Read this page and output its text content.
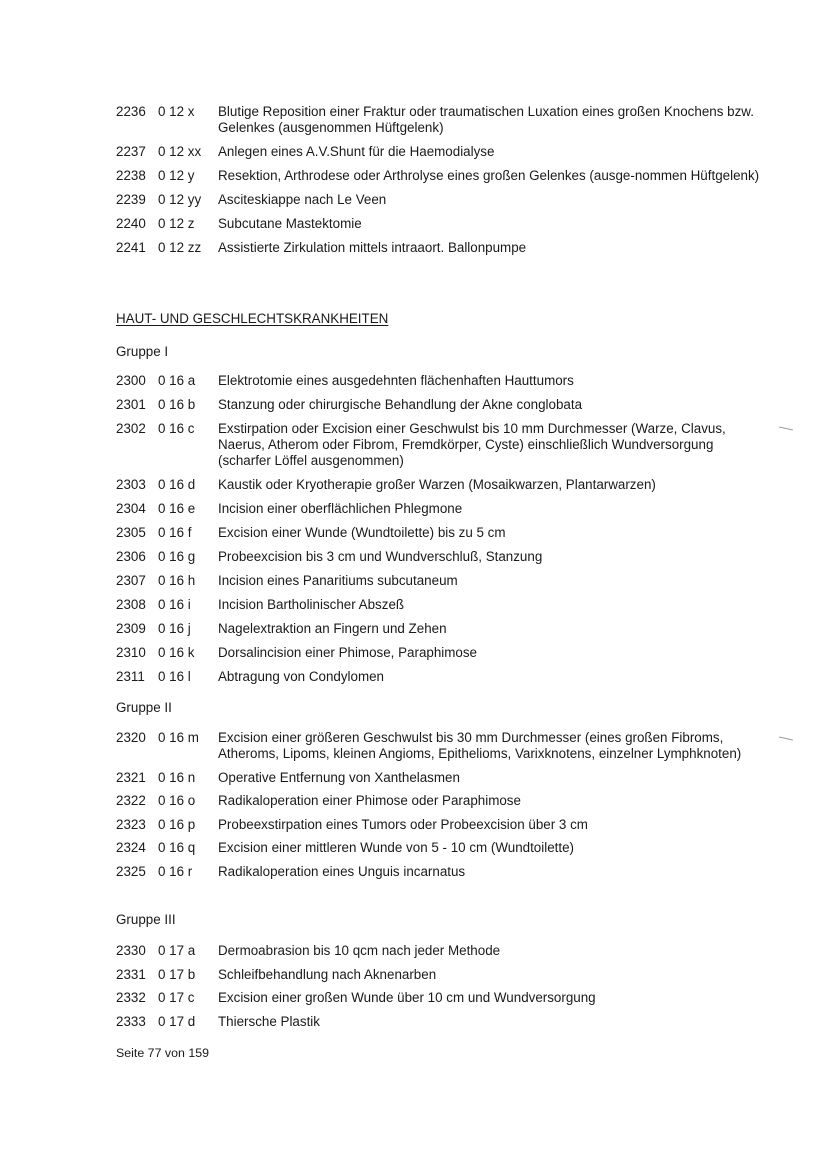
2236 0 12 x	Blutige Reposition einer Fraktur oder traumatischen Luxation eines großen Knochens bzw. Gelenkes (ausgenommen Hüftgelenk)
2237 0 12 xx	Anlegen eines A.V.Shunt für die Haemodialyse
2238 0 12 y	Resektion, Arthrodese oder Arthrolyse eines großen Gelenkes (ausge-nommen Hüftgelenk)
2239 0 12 yy	Asciteskiappe nach Le Veen
2240 0 12 z	Subcutane Mastektomie
2241 0 12 zz	Assistierte Zirkulation mittels intraaort. Ballonpumpe
HAUT- UND GESCHLECHTSKRANKHEITEN
Gruppe I
2300 0 16 a	Elektrotomie eines ausgedehnten flächenhaften Hauttumors
2301 0 16 b	Stanzung oder chirurgische Behandlung der Akne conglobata
2302 0 16 c	Exstirpation oder Excision einer Geschwulst bis 10 mm Durchmesser (Warze, Clavus, Naerus, Atherom oder Fibrom, Fremdkörper, Cyste) einschließlich Wundversorgung (scharfer Löffel ausgenommen)
2303 0 16 d	Kaustik oder Kryotherapie großer Warzen (Mosaikwarzen, Plantarwarzen)
2304 0 16 e	Incision einer oberflächlichen Phlegmone
2305 0 16 f	Excision einer Wunde (Wundtoilette) bis zu 5 cm
2306 0 16 g	Probeexcision bis 3 cm und Wundverschluß, Stanzung
2307 0 16 h	Incision eines Panaritiums subcutaneum
2308 0 16 i	Incision Bartholinischer Abszeß
2309 0 16 j	Nagelextraktion an Fingern und Zehen
2310 0 16 k	Dorsalincision einer Phimose, Paraphimose
2311 0 16 l	Abtragung von Condylomen
Gruppe II
2320 0 16 m	Excision einer größeren Geschwulst bis 30 mm Durchmesser (eines großen Fibroms, Atheroms, Lipoms, kleinen Angioms, Epithelioms, Varixknotens, einzelner Lymphknoten)
2321 0 16 n	Operative Entfernung von Xanthelasmen
2322 0 16 o	Radikaloperation einer Phimose oder Paraphimose
2323 0 16 p	Probeexstirpation eines Tumors oder Probeexcision über 3 cm
2324 0 16 q	Excision einer mittleren Wunde von 5 - 10 cm (Wundtoilette)
2325 0 16 r	Radikaloperation eines Unguis incarnatus
Gruppe III
2330 0 17 a	Dermoabrasion bis 10 qcm nach jeder Methode
2331 0 17 b	Schleifbehandlung nach Aknenarben
2332 0 17 c	Excision einer großen Wunde über 10 cm und Wundversorgung
2333 0 17 d	Thiersche Plastik
Seite 77 von 159
